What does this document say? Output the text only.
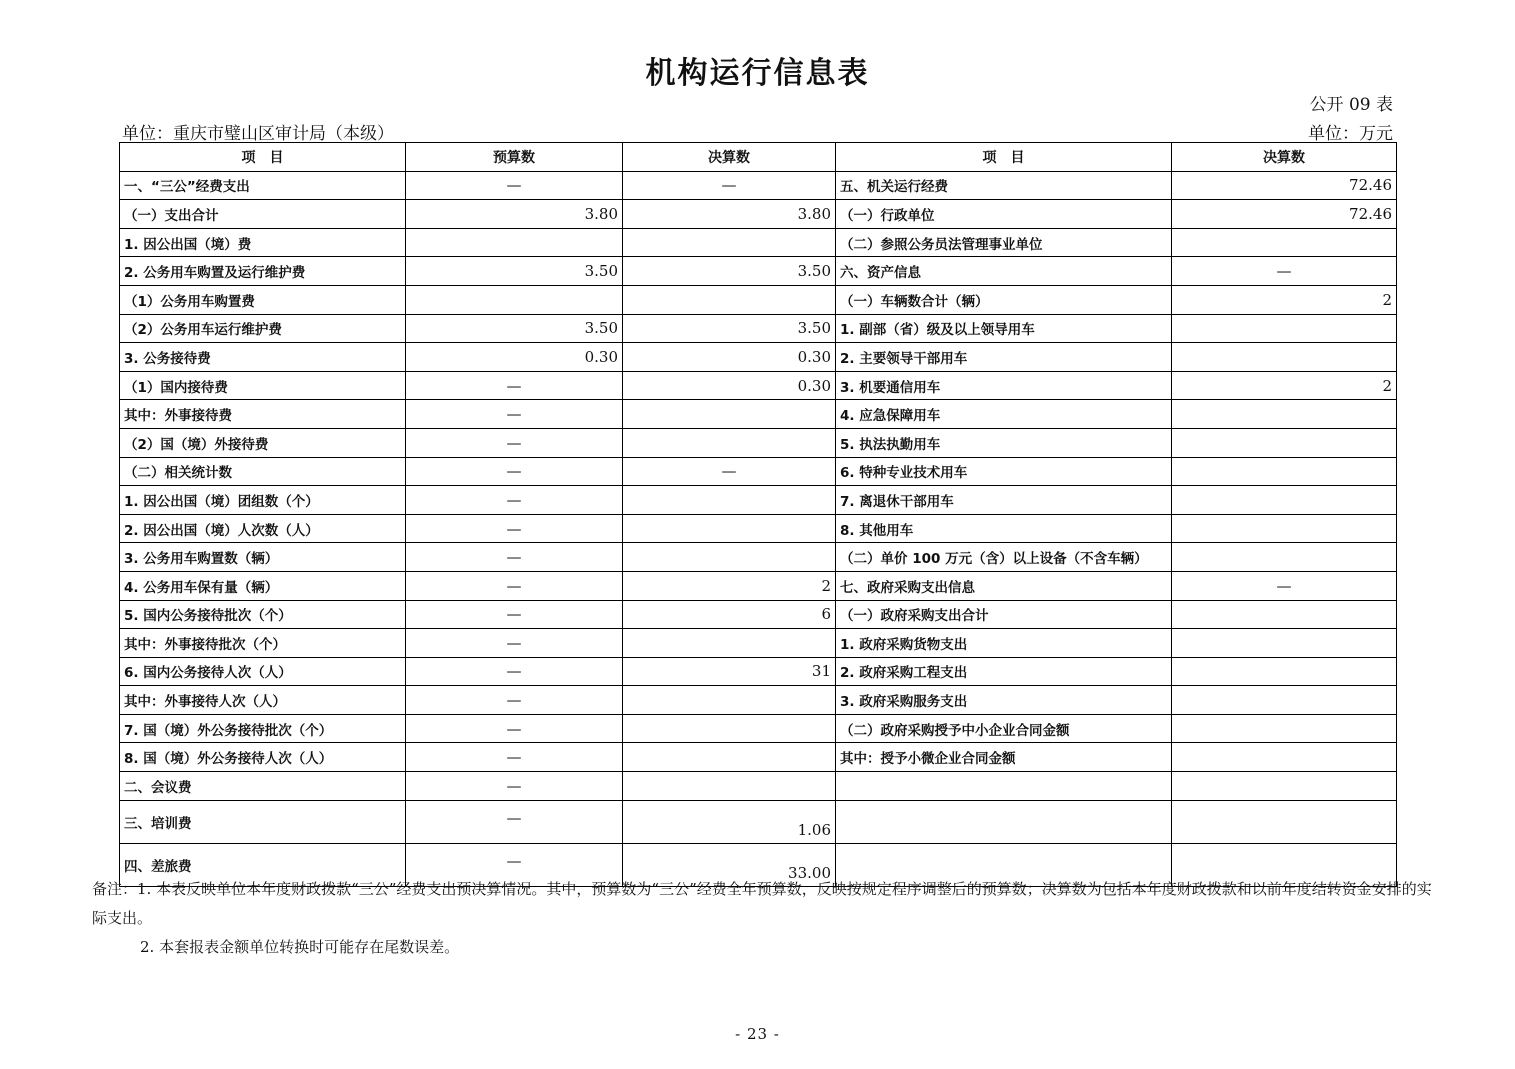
机构运行信息表
公开 09 表
单位：重庆市璧山区审计局（本级）	单位：万元
项　目	预算数	决算数	项　目	决算数
一、“三公”经费支出	—	—	五、机关运行经费	72.46
（一）支出合计	3.80	3.80	（一）行政单位	72.46
1. 因公出国（境）费			（二）参照公务员法管理事业单位	
2. 公务用车购置及运行维护费	3.50	3.50	六、资产信息	—
（1）公务用车购置费			（一）车辆数合计（辆）	2
（2）公务用车运行维护费	3.50	3.50	1. 副部（省）级及以上领导用车	
3. 公务接待费	0.30	0.30	2. 主要领导干部用车	
（1）国内接待费	—	0.30	3. 机要通信用车	2
其中：外事接待费	—		4. 应急保障用车	
（2）国（境）外接待费	—		5. 执法执勤用车	
（二）相关统计数	—	—	6. 特种专业技术用车	
1. 因公出国（境）团组数（个）	—		7. 离退休干部用车	
2. 因公出国（境）人次数（人）	—		8. 其他用车	
3. 公务用车购置数（辆）	—		（二）单价 100 万元（含）以上设备（不含车辆）	
4. 公务用车保有量（辆）	—	2	七、政府采购支出信息	—
5. 国内公务接待批次（个）	—	6	（一）政府采购支出合计	
其中：外事接待批次（个）	—		1. 政府采购货物支出	
6. 国内公务接待人次（人）	—	31	2. 政府采购工程支出	
其中：外事接待人次（人）	—		3. 政府采购服务支出	
7. 国（境）外公务接待批次（个）	—		（二）政府采购授予中小企业合同金额	
8. 国（境）外公务接待人次（人）	—		其中：授予小微企业合同金额	
二、会议费	—			
三、培训费	—	1.06		
四、差旅费	—	33.00		
备注：1. 本表反映单位本年度财政拨款“三公”经费支出预决算情况。其中，预算数为“三公”经费全年预算数，反映按规定程序调整后的预算数；决算数为包括本年度财政拨款和以前年度结转资金安排的实际支出。
2. 本套报表金额单位转换时可能存在尾数误差。
- 23 -
